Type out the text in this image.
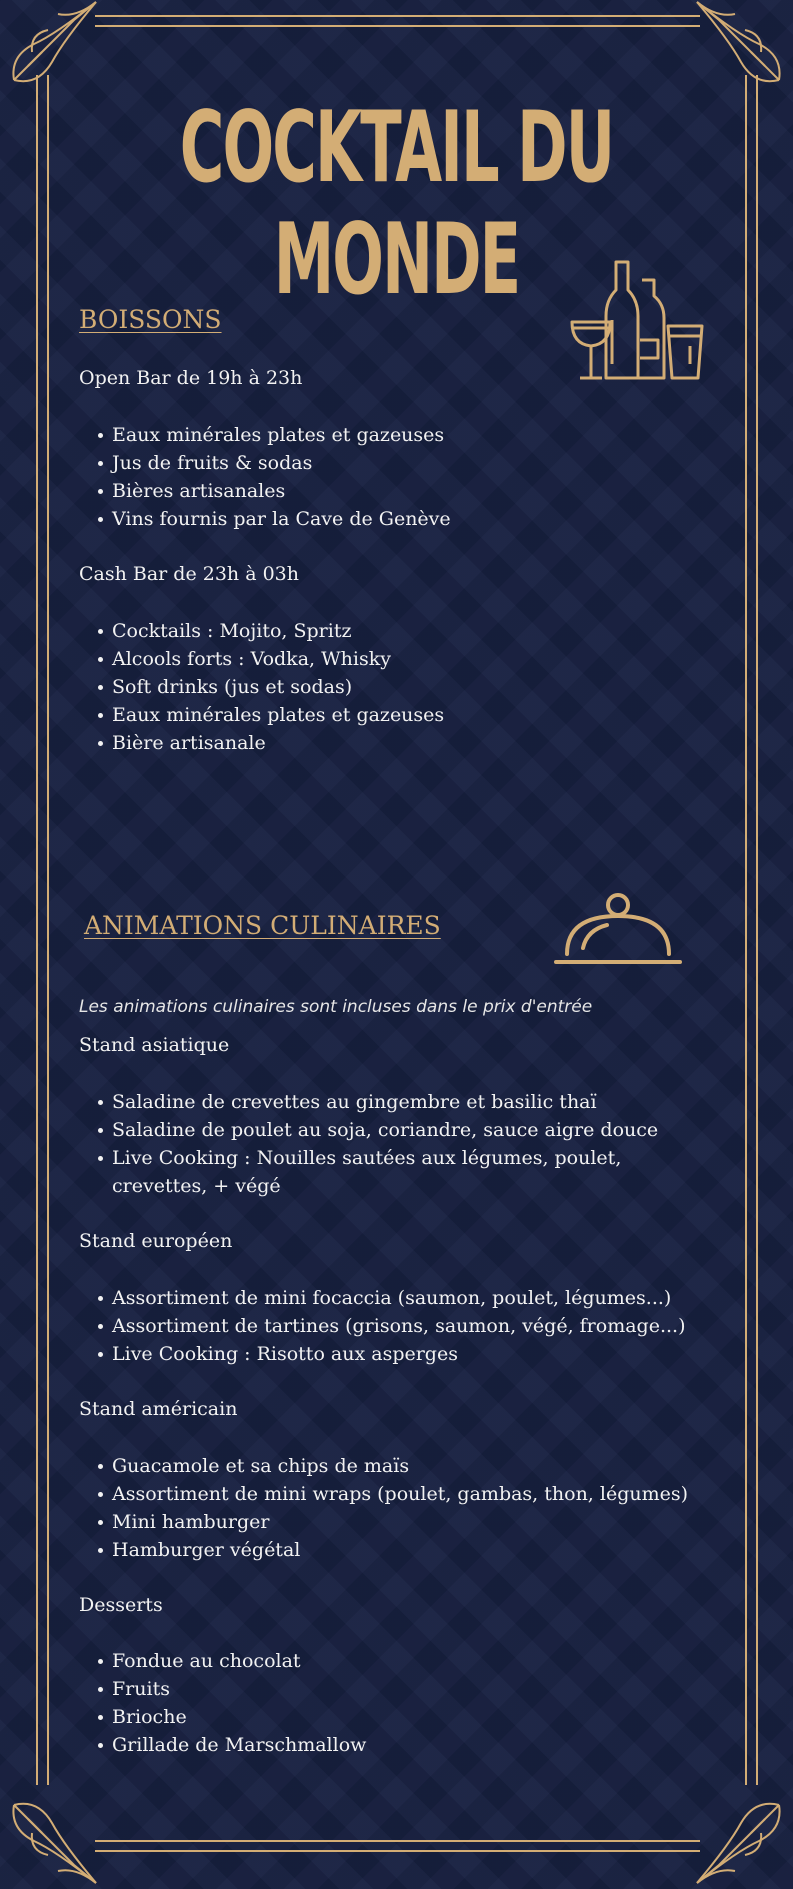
COCKTAIL DU MONDE
BOISSONS
Open Bar de 19h à 23h
Eaux minérales plates et gazeuses
Jus de fruits & sodas
Bières artisanales
Vins fournis par la Cave de Genève
Cash Bar de 23h à 03h
Cocktails : Mojito, Spritz
Alcools forts : Vodka, Whisky
Soft drinks (jus et sodas)
Eaux minérales plates et gazeuses
Bière artisanale
ANIMATIONS CULINAIRES
Les animations culinaires sont incluses dans le prix d'entrée
Stand asiatique
Saladine de crevettes au gingembre et basilic thaï
Saladine de poulet au soja, coriandre, sauce aigre douce
Live Cooking : Nouilles sautées aux légumes, poulet, crevettes, + végé
Stand européen
Assortiment de mini focaccia (saumon, poulet, légumes...)
Assortiment de tartines (grisons, saumon, végé, fromage...)
Live Cooking : Risotto aux asperges
Stand américain
Guacamole et sa chips de maïs
Assortiment de mini wraps (poulet, gambas, thon, légumes)
Mini hamburger
Hamburger végétal
Desserts
Fondue au chocolat
Fruits
Brioche
Grillade de Marschmallow
